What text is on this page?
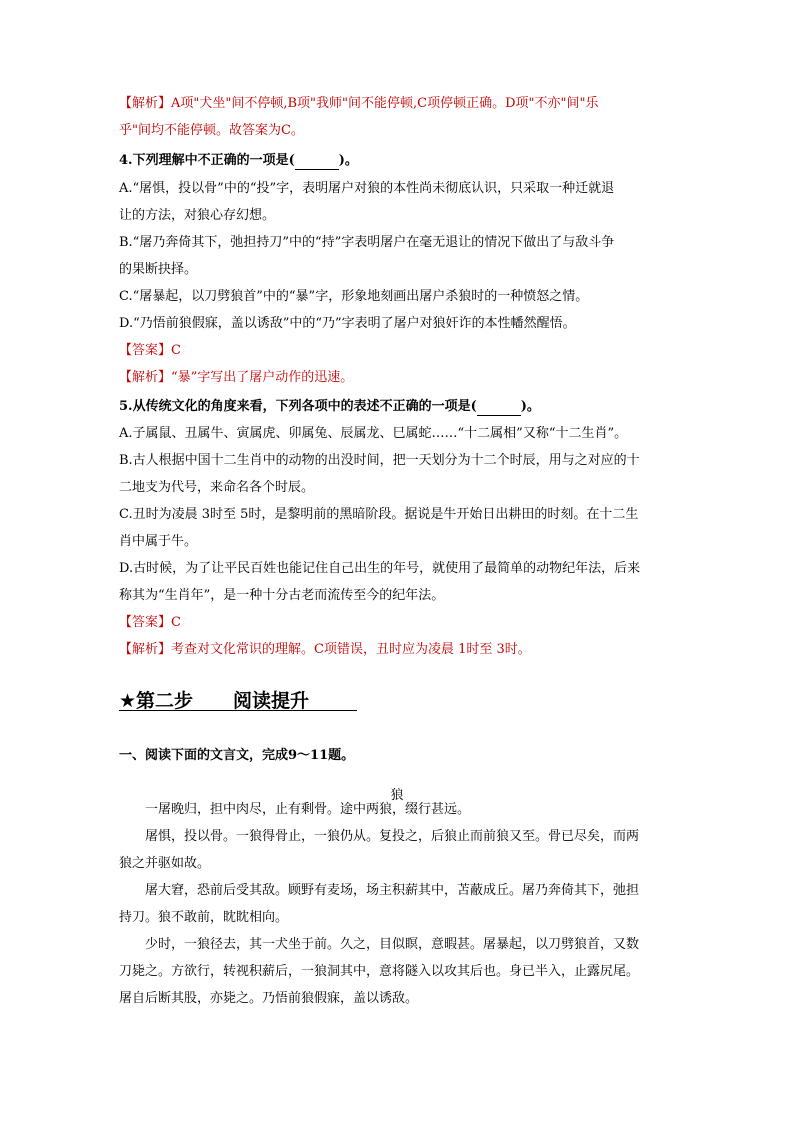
【解析】A项"犬坐"间不停顿,B项"我师"间不能停顿,C项停顿正确。D项"不亦"间"乐

乎"间均不能停顿。故答案为C。

4.下列理解中不正确的一项是(	)。

A.“屠惧，投以骨”中的“投”字，表明屠户对狼的本性尚未彻底认识，只采取一种迁就退

让的方法，对狼心存幻想。

B.“屠乃奔倚其下，弛担持刀”中的“持”字表明屠户在毫无退让的情况下做出了与敌斗争

的果断抉择。

C.“屠暴起，以刀劈狼首”中的“暴”字，形象地刻画出屠户杀狼时的一种愤怒之情。

D.“乃悟前狼假寐，盖以诱敌”中的“乃”字表明了屠户对狼奸诈的本性幡然醒悟。

【答案】C

【解析】“暴”字写出了屠户动作的迅速。

5.从传统文化的角度来看，下列各项中的表述不正确的一项是(	)。

A.子属鼠、丑属牛、寅属虎、卯属兔、辰属龙、巳属蛇……“十二属相”又称“十二生肖”。

B.古人根据中国十二生肖中的动物的出没时间，把一天划分为十二个时辰，用与之对应的十

二地支为代号，来命名各个时辰。

C.丑时为凌晨 3时至 5时，是黎明前的黑暗阶段。据说是牛开始日出耕田的时刻。在十二生

肖中属于牛。

D.古时候，为了让平民百姓也能记住自己出生的年号，就使用了最简单的动物纪年法，后来

称其为“生肖年”，是一种十分古老而流传至今的纪年法。

【答案】C

【解析】考查对文化常识的理解。C项错误，丑时应为凌晨 1时至 3时。

★第二步 阅读提升

一、阅读下面的文言文，完成9～11题。

狼

一屠晚归，担中肉尽，止有剩骨。途中两狼，缀行甚远。

屠惧，投以骨。一狼得骨止，一狼仍从。复投之，后狼止而前狼又至。骨已尽矣，而两

狼之并驱如故。

屠大窘，恐前后受其敌。顾野有麦场，场主积薪其中，苫蔽成丘。屠乃奔倚其下，弛担

持刀。狼不敢前，眈眈相向。

少时，一狼径去，其一犬坐于前。久之，目似瞑，意暇甚。屠暴起，以刀劈狼首，又数

刀毙之。方欲行，转视积薪后，一狼洞其中，意将隧入以攻其后也。身已半入，止露尻尾。

屠自后断其股，亦毙之。乃悟前狼假寐，盖以诱敌。
